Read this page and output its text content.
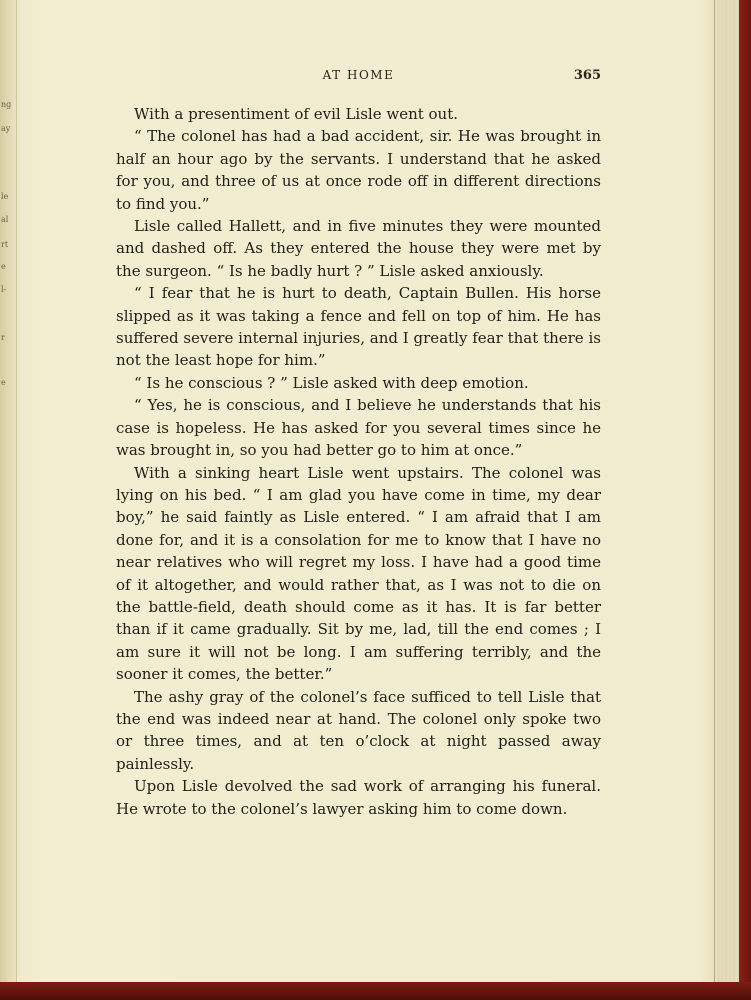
ng
ay
le
al
rt
e
l-
r
e
AT HOME	365

With a presentiment of evil Lisle went out.

“ The colonel has had a bad accident, sir. He was brought in half an hour ago by the servants. I understand that he asked for you, and three of us at once rode off in different directions to find you.”

Lisle called Hallett, and in five minutes they were mounted and dashed off. As they entered the house they were met by the surgeon. “ Is he badly hurt ? ” Lisle asked anxiously.

“ I fear that he is hurt to death, Captain Bullen. His horse slipped as it was taking a fence and fell on top of him. He has suffered severe internal injuries, and I greatly fear that there is not the least hope for him.”

“ Is he conscious ? ” Lisle asked with deep emotion.

“ Yes, he is conscious, and I believe he understands that his case is hopeless. He has asked for you several times since he was brought in, so you had better go to him at once.”

With a sinking heart Lisle went upstairs. The colonel was lying on his bed. “ I am glad you have come in time, my dear boy,” he said faintly as Lisle entered. “ I am afraid that I am done for, and it is a consolation for me to know that I have no near relatives who will regret my loss. I have had a good time of it altogether, and would rather that, as I was not to die on the battle-field, death should come as it has. It is far better than if it came gradually. Sit by me, lad, till the end comes ; I am sure it will not be long. I am suffering terribly, and the sooner it comes, the better.”

The ashy gray of the colonel’s face sufficed to tell Lisle that the end was indeed near at hand. The colonel only spoke two or three times, and at ten o’clock at night passed away painlessly.

Upon Lisle devolved the sad work of arranging his funeral. He wrote to the colonel’s lawyer asking him to come down.
